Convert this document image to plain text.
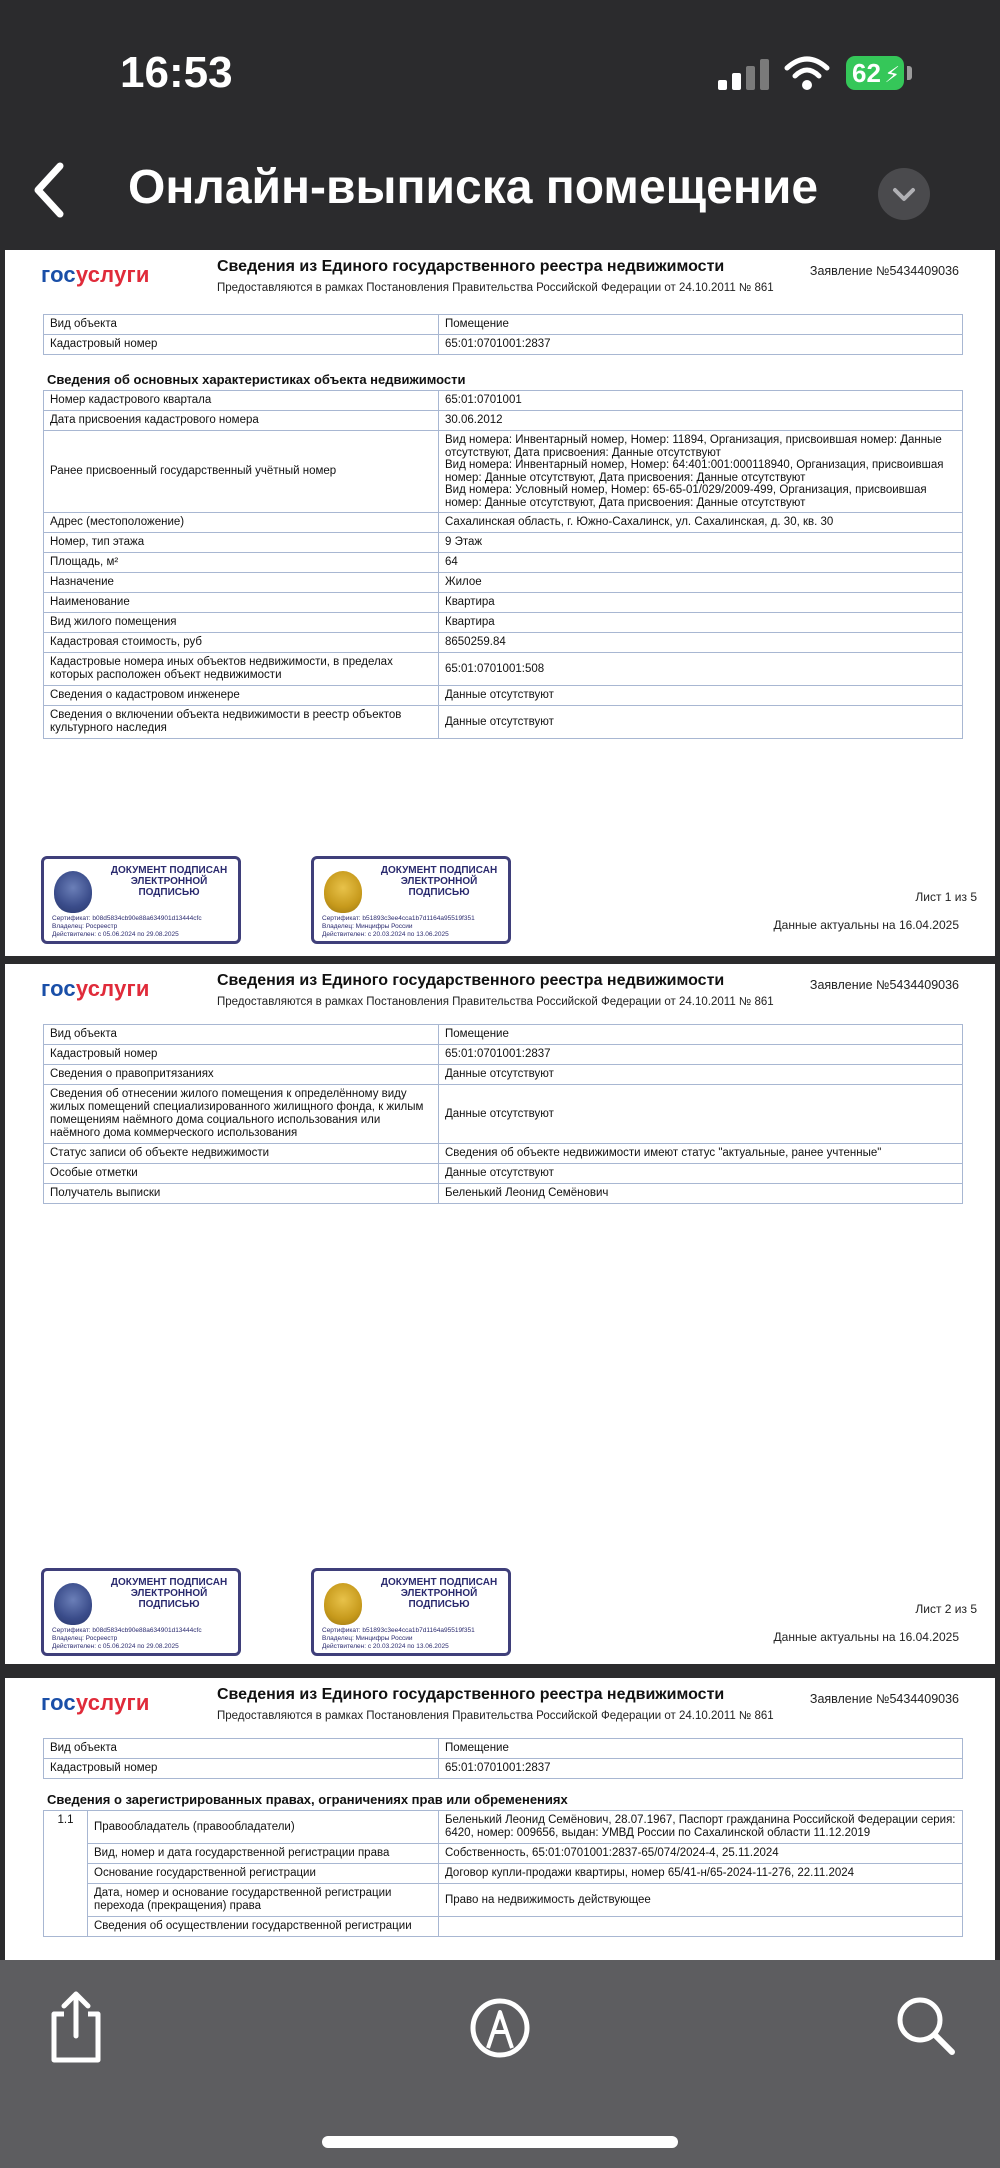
16:53	62 ⚡
Онлайн-выписка помещение
госуслуги	Сведения из Единого государственного реестра недвижимости
Предоставляются в рамках Постановления Правительства Российской Федерации от 24.10.2011 № 861
Заявление №5434409036
Вид объекта	Помещение
Кадастровый номер	65:01:0701001:2837
Сведения об основных характеристиках объекта недвижимости
Номер кадастрового квартала	65:01:0701001
Дата присвоения кадастрового номера	30.06.2012
Ранее присвоенный государственный учётный номер	Вид номера: Инвентарный номер, Номер: 11894, Организация, присвоившая номер: Данные отсутствуют, Дата присвоения: Данные отсутствуют
Вид номера: Инвентарный номер, Номер: 64:401:001:000118940, Организация, присвоившая номер: Данные отсутствуют, Дата присвоения: Данные отсутствуют
Вид номера: Условный номер, Номер: 65-65-01/029/2009-499, Организация, присвоившая номер: Данные отсутствуют, Дата присвоения: Данные отсутствуют
Адрес (местоположение)	Сахалинская область, г. Южно-Сахалинск, ул. Сахалинская, д. 30, кв. 30
Номер, тип этажа	9 Этаж
Площадь, м²	64
Назначение	Жилое
Наименование	Квартира
Вид жилого помещения	Квартира
Кадастровая стоимость, руб	8650259.84
Кадастровые номера иных объектов недвижимости, в пределах которых расположен объект недвижимости	65:01:0701001:508
Сведения о кадастровом инженере	Данные отсутствуют
Сведения о включении объекта недвижимости в реестр объектов культурного наследия	Данные отсутствуют
ДОКУМЕНТ ПОДПИСАН ЭЛЕКТРОННОЙ ПОДПИСЬЮ
Сертификат: b08d5834cb90e88a634901d13444cfc
Владелец: Росреестр
Действителен: с 05.06.2024 по 29.08.2025
ДОКУМЕНТ ПОДПИСАН ЭЛЕКТРОННОЙ ПОДПИСЬЮ
Сертификат: b51893c3ee4cca1b7d1164a95519f351
Владелец: Минцифры России
Действителен: с 20.03.2024 по 13.06.2025
Лист 1 из 5
Данные актуальны на 16.04.2025
госуслуги	Сведения из Единого государственного реестра недвижимости
Предоставляются в рамках Постановления Правительства Российской Федерации от 24.10.2011 № 861
Заявление №5434409036
Вид объекта	Помещение
Кадастровый номер	65:01:0701001:2837
Сведения о правопритязаниях	Данные отсутствуют
Сведения об отнесении жилого помещения к определённому виду жилых помещений специализированного жилищного фонда, к жилым помещениям наёмного дома социального использования или наёмного дома коммерческого использования	Данные отсутствуют
Статус записи об объекте недвижимости	Сведения об объекте недвижимости имеют статус "актуальные, ранее учтенные"
Особые отметки	Данные отсутствуют
Получатель выписки	Беленький Леонид Семёнович
ДОКУМЕНТ ПОДПИСАН ЭЛЕКТРОННОЙ ПОДПИСЬЮ
Сертификат: b08d5834cb90e88a634901d13444cfc
Владелец: Росреестр
Действителен: с 05.06.2024 по 29.08.2025
ДОКУМЕНТ ПОДПИСАН ЭЛЕКТРОННОЙ ПОДПИСЬЮ
Сертификат: b51893c3ee4cca1b7d1164a95519f351
Владелец: Минцифры России
Действителен: с 20.03.2024 по 13.06.2025
Лист 2 из 5
Данные актуальны на 16.04.2025
госуслуги	Сведения из Единого государственного реестра недвижимости
Предоставляются в рамках Постановления Правительства Российской Федерации от 24.10.2011 № 861
Заявление №5434409036
Вид объекта	Помещение
Кадастровый номер	65:01:0701001:2837
Сведения о зарегистрированных правах, ограничениях прав или обременениях
1.1	Правообладатель (правообладатели)	Беленький Леонид Семёнович, 28.07.1967, Паспорт гражданина Российской Федерации серия: 6420, номер: 009656, выдан: УМВД России по Сахалинской области 11.12.2019
	Вид, номер и дата государственной регистрации права	Собственность, 65:01:0701001:2837-65/074/2024-4, 25.11.2024
	Основание государственной регистрации	Договор купли-продажи квартиры, номер 65/41-н/65-2024-11-276, 22.11.2024
	Дата, номер и основание государственной регистрации перехода (прекращения) права	Право на недвижимость действующее
	Сведения об осуществлении государственной регистрации	
